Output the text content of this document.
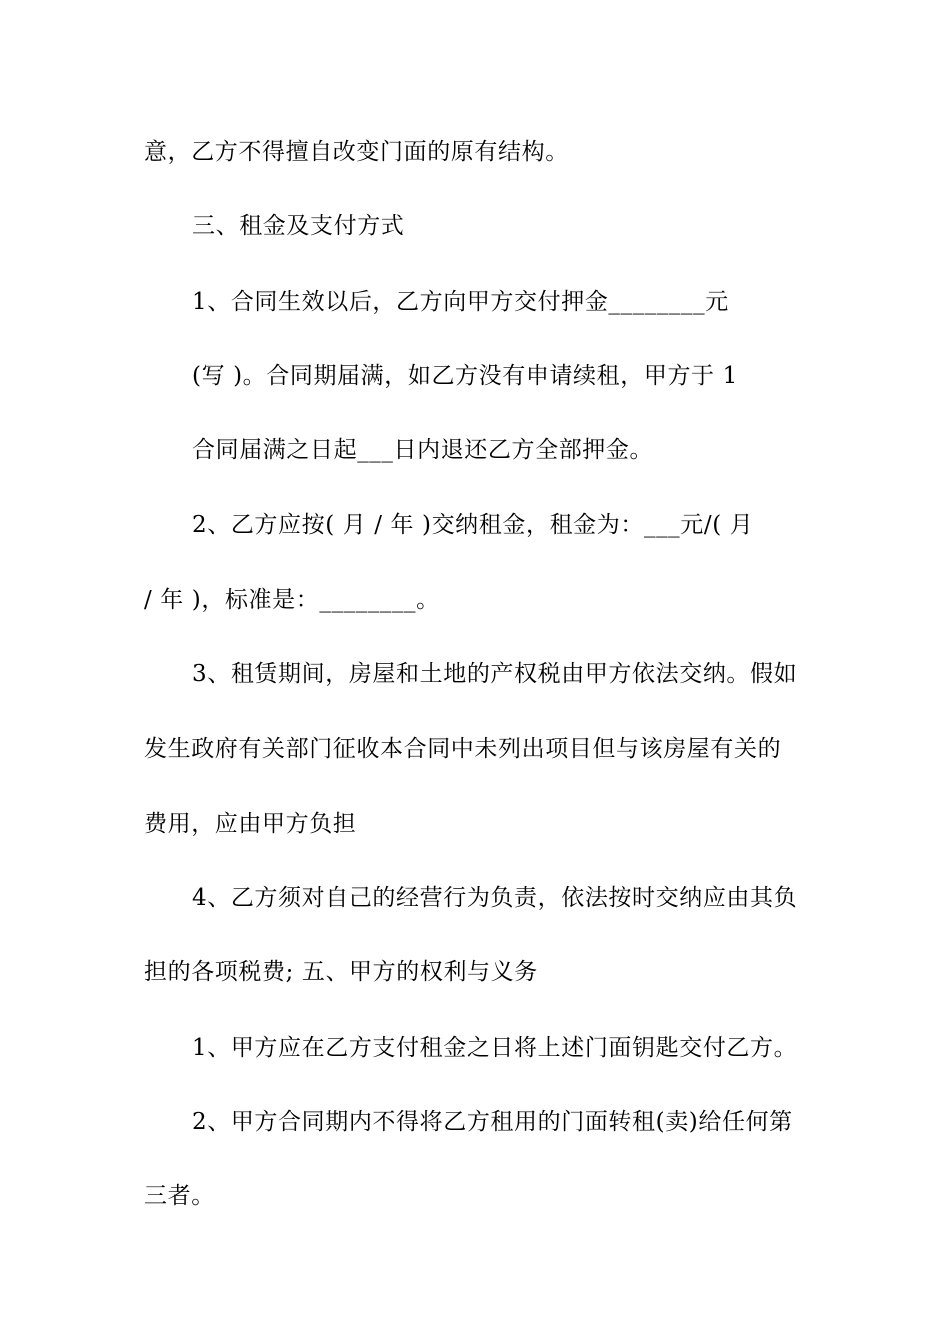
意，乙方不得擅自改变门面的原有结构。
三、租金及支付方式
1、合同生效以后，乙方向甲方交付押金________元
(写 )。合同期届满，如乙方没有申请续租，甲方于 1
合同届满之日起___日内退还乙方全部押金。
2、乙方应按( 月 / 年 )交纳租金，租金为：___元/( 月
/ 年 )，标准是：________。
3、租赁期间，房屋和土地的产权税由甲方依法交纳。假如
发生政府有关部门征收本合同中未列出项目但与该房屋有关的
费用，应由甲方负担
4、乙方须对自己的经营行为负责，依法按时交纳应由其负
担的各项税费; 五、甲方的权利与义务
1、甲方应在乙方支付租金之日将上述门面钥匙交付乙方。
2、甲方合同期内不得将乙方租用的门面转租(卖)给任何第
三者。
